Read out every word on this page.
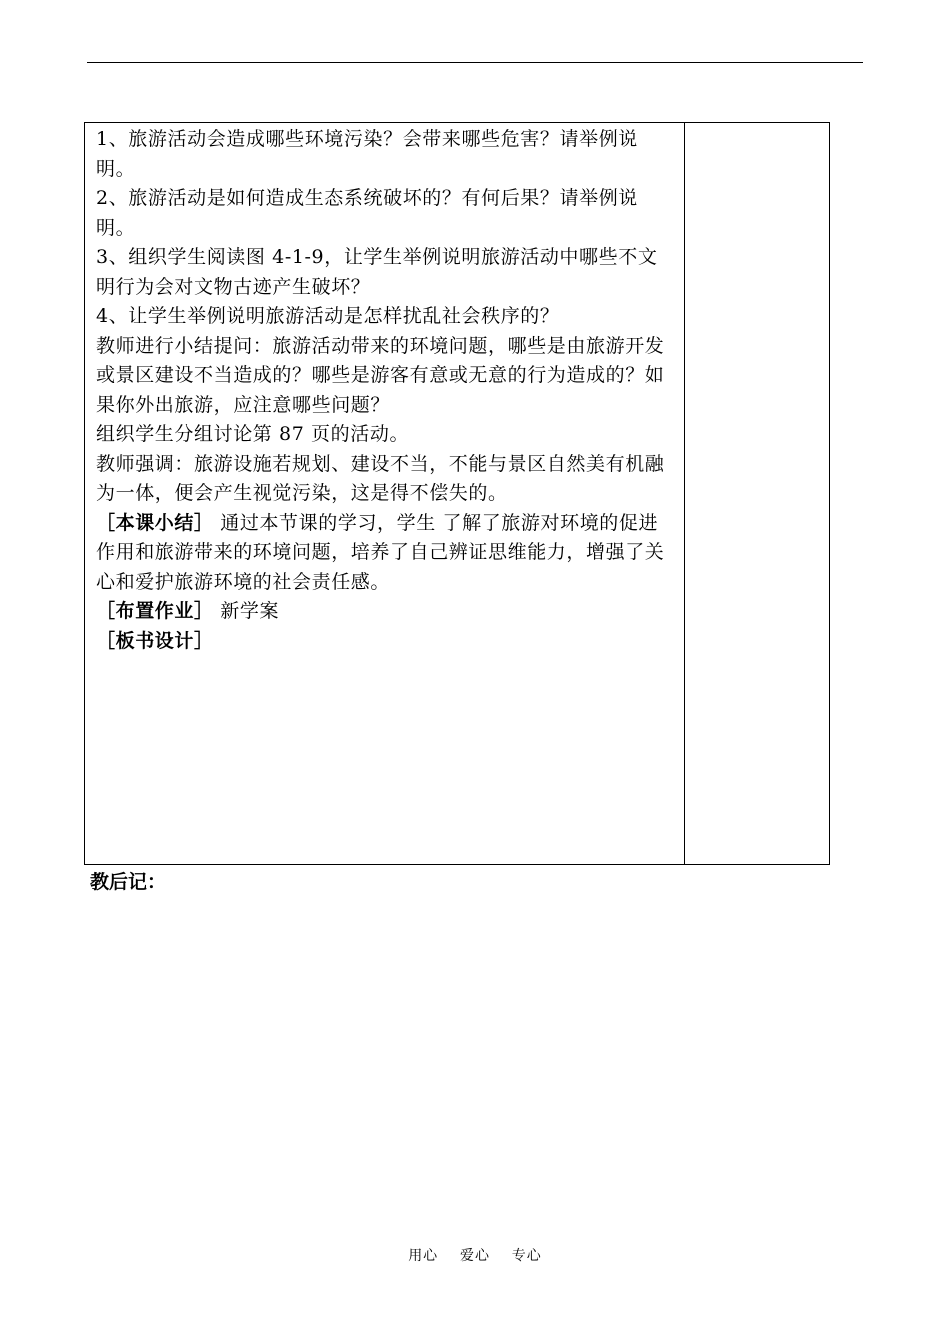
1、旅游活动会造成哪些环境污染？会带来哪些危害？请举例说明。

2、旅游活动是如何造成生态系统破坏的？有何后果？请举例说明。

3、组织学生阅读图 4-1-9，让学生举例说明旅游活动中哪些不文明行为会对文物古迹产生破坏？

4、让学生举例说明旅游活动是怎样扰乱社会秩序的？

教师进行小结提问：旅游活动带来的环境问题，哪些是由旅游开发或景区建设不当造成的？哪些是游客有意或无意的行为造成的？如果你外出旅游，应注意哪些问题？

组织学生分组讨论第 87 页的活动。

教师强调：旅游设施若规划、建设不当，不能与景区自然美有机融为一体，便会产生视觉污染，这是得不偿失的。

［本课小结］ 通过本节课的学习，学生 了解了旅游对环境的促进作用和旅游带来的环境问题，培养了自己辨证思维能力，增强了关心和爱护旅游环境的社会责任感。

［布置作业］ 新学案

［板书设计］

教后记：
用心    爱心    专心
